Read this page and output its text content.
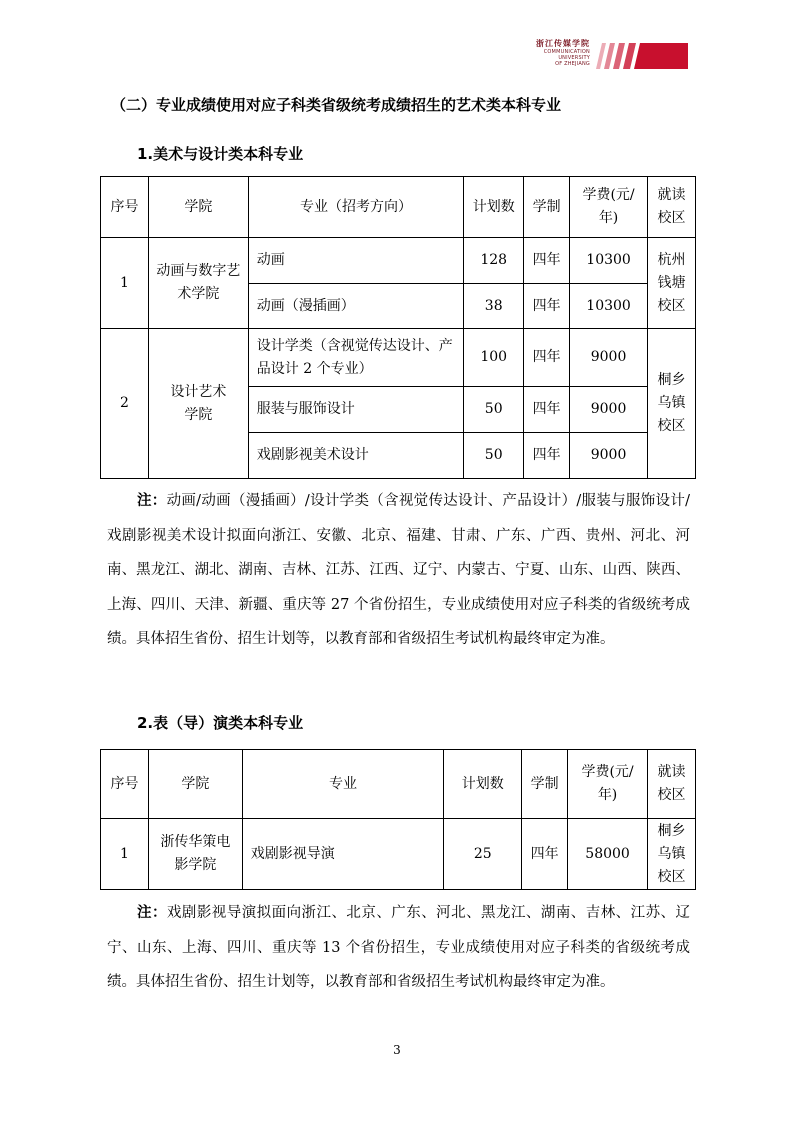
浙江传媒学院
COMMUNICATION
UNIVERSITY
OF ZHEJIANG
（二）专业成绩使用对应子科类省级统考成绩招生的艺术类本科专业
1.美术与设计类本科专业
序号	学院	专业（招考方向）	计划数	学制	学费(元/年)	就读校区
1	动画与数字艺术学院	动画	128	四年	10300	杭州钱塘校区
		动画（漫插画）	38	四年	10300	
2	设计艺术学院	设计学类（含视觉传达设计、产品设计 2 个专业）	100	四年	9000	桐乡乌镇校区
		服装与服饰设计	50	四年	9000	
		戏剧影视美术设计	50	四年	9000	
注：动画/动画（漫插画）/设计学类（含视觉传达设计、产品设计）/服装与服饰设计/戏剧影视美术设计拟面向浙江、安徽、北京、福建、甘肃、广东、广西、贵州、河北、河南、黑龙江、湖北、湖南、吉林、江苏、江西、辽宁、内蒙古、宁夏、山东、山西、陕西、上海、四川、天津、新疆、重庆等 27 个省份招生，专业成绩使用对应子科类的省级统考成绩。具体招生省份、招生计划等，以教育部和省级招生考试机构最终审定为准。
2.表（导）演类本科专业
序号	学院	专业	计划数	学制	学费(元/年)	就读校区
1	浙传华策电影学院	戏剧影视导演	25	四年	58000	桐乡乌镇校区
注：戏剧影视导演拟面向浙江、北京、广东、河北、黑龙江、湖南、吉林、江苏、辽宁、山东、上海、四川、重庆等 13 个省份招生，专业成绩使用对应子科类的省级统考成绩。具体招生省份、招生计划等，以教育部和省级招生考试机构最终审定为准。
3
